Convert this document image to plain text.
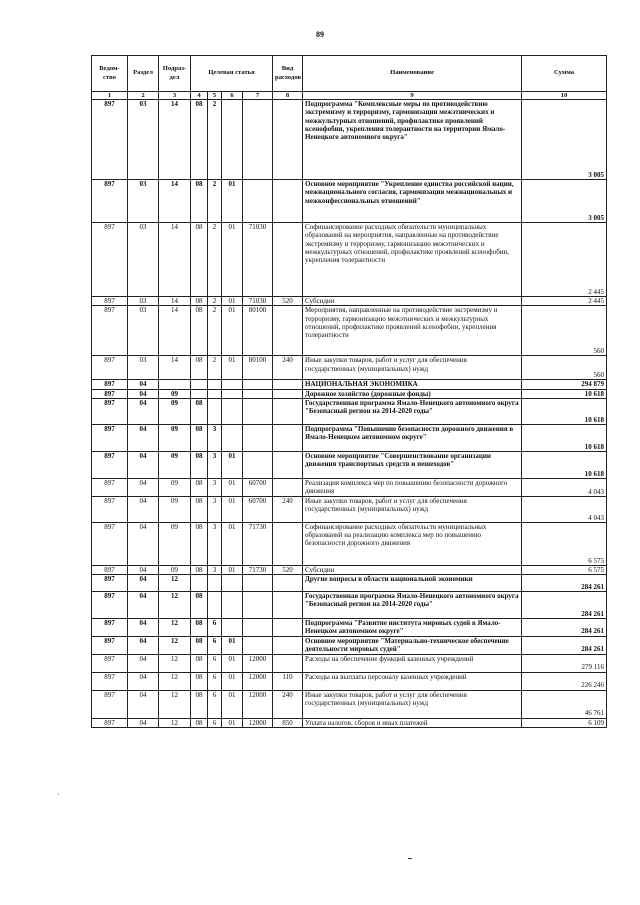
89
Ведом-ство	Раздел	Подраз-дел	Целевая статья				Вид расходов	Наименование	Сумма
1	2	3	4	5	6	7	8	9	10
897	03	14	08	2				Подпрограмма "Комплексные меры по противодействию экстремизму и терроризму, гармонизации межэтнических и межкультурных отношений, профилактике проявлений ксенофобии, укрепления толерантности на территории Ямало-Ненецкого автономного округа"	3 005
897	03	14	08	2	01			Основное мероприятие "Укрепление единства российской нации, межнационального согласия, гармонизация межнациональных и межконфессиональных отношений"	3 005
897	03	14	08	2	01	71030		Софинансирование расходных обязательств муниципальных образований на мероприятия, направленные на противодействие экстремизму и терроризму, гармонизацию межэтнических и межкультурных отношений, профилактике проявлений ксенофобии, укрепления толерантности	2 445
897	03	14	08	2	01	71030	520	Субсидии	2 445
897	03	14	08	2	01	80100		Мероприятия, направленные на противодействие экстремизму и терроризму, гармонизацию межэтнических и межкультурных отношений, профилактике проявлений ксенофобии, укрепления толерантности	560
897	03	14	08	2	01	80100	240	Иные закупки товаров, работ и услуг для обеспечения государственных (муниципальных) нужд	560
897	04							НАЦИОНАЛЬНАЯ ЭКОНОМИКА	294 879
897	04	09						Дорожное хозяйство (дорожные фонды)	10 618
897	04	09	08					Государственная программа Ямало-Ненецкого автономного округа "Безопасный регион на 2014-2020 годы"	10 618
897	04	09	08	3				Подпрограмма "Повышение безопасности дорожного движения в Ямало-Ненецком автономном округе"	10 618
897	04	09	08	3	01			Основное мероприятие "Совершенствование организации движения транспортных средств и пешеходов"	10 618
897	04	09	08	3	01	60700		Реализация комплекса мер по повышению безопасности дорожного движения	4 043
897	04	09	08	3	01	60700	240	Иные закупки товаров, работ и услуг для обеспечения государственных (муниципальных) нужд	4 043
897	04	09	08	3	01	71730		Софинансирование расходных обязательств муниципальных образований на реализацию комплекса мер по повышению безопасности дорожного движения	6 575
897	04	09	08	3	01	71730	520	Субсидии	6 575
897	04	12						Другие вопросы в области национальной экономики	284 261
897	04	12	08					Государственная программа Ямало-Ненецкого автономного округа "Безопасный регион на 2014-2020 годы"	284 261
897	04	12	08	6				Подпрограмма "Развитие института мировых судей в Ямало-Ненецком автономном округе"	284 261
897	04	12	08	6	01			Основное мероприятие "Материально-техническое обеспечение деятельности мировых судей"	284 261
897	04	12	08	6	01	12000		Расходы на обеспечение функций казенных учреждений	279 116
897	04	12	08	6	01	12000	110	Расходы на выплаты персоналу казенных учреждений	226 246
897	04	12	08	6	01	12000	240	Иные закупки товаров, работ и услуг для обеспечения государственных (муниципальных) нужд	46 761
897	04	12	08	6	01	12000	850	Уплата налогов, сборов и иных платежей	6 109
·
